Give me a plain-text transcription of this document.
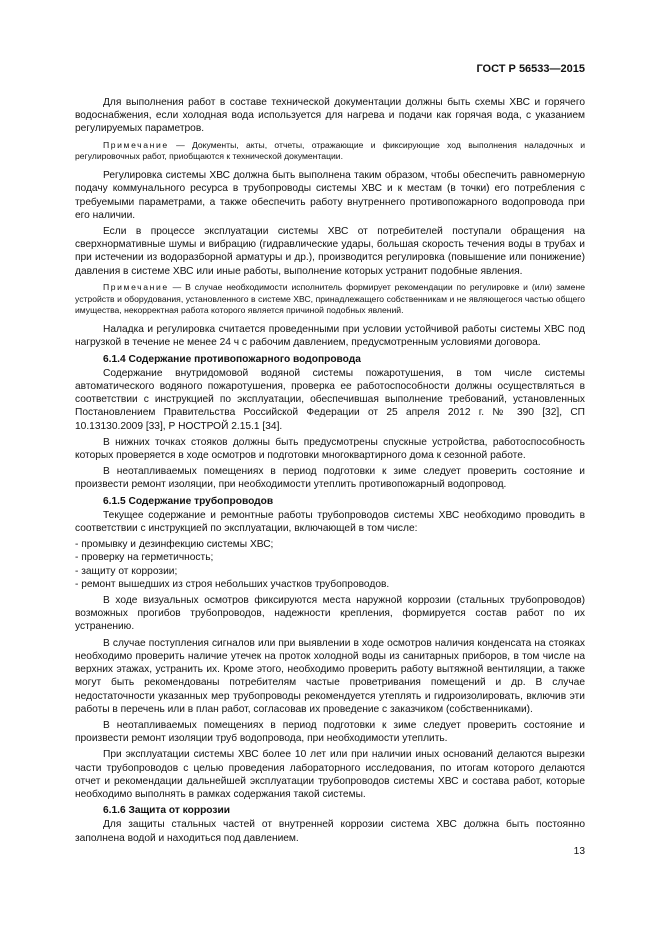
ГОСТ Р 56533—2015

Для выполнения работ в составе технической документации должны быть схемы ХВС и горячего водоснабжения, если холодная вода используется для нагрева и подачи как горячая вода, с указанием регулируемых параметров.

Примечание — Документы, акты, отчеты, отражающие и фиксирующие ход выполнения наладочных и регулировочных работ, приобщаются к технической документации.

Регулировка системы ХВС должна быть выполнена таким образом, чтобы обеспечить равномерную подачу коммунального ресурса в трубопроводы системы ХВС и к местам (в точки) его потребления с требуемыми параметрами, а также обеспечить работу внутреннего противопожарного водопровода при его наличии.

Если в процессе эксплуатации системы ХВС от потребителей поступали обращения на сверхнормативные шумы и вибрацию (гидравлические удары, большая скорость течения воды в трубах и при истечении из водоразборной арматуры и др.), производится регулировка (повышение или понижение) давления в системе ХВС или иные работы, выполнение которых устранит подобные явления.

Примечание — В случае необходимости исполнитель формирует рекомендации по регулировке и (или) замене устройств и оборудования, установленного в системе ХВС, принадлежащего собственникам и не являющегося частью общего имущества, некорректная работа которого является причиной подобных явлений.

Наладка и регулировка считается проведенными при условии устойчивой работы системы ХВС под нагрузкой в течение не менее 24 ч с рабочим давлением, предусмотренным условиями договора.

6.1.4 Содержание противопожарного водопровода

Содержание внутридомовой водяной системы пожаротушения, в том числе системы автоматического водяного пожаротушения, проверка ее работоспособности должны осуществляться в соответствии с инструкцией по эксплуатации, обеспечившая выполнение требований, установленных Постановлением Правительства Российской Федерации от 25 апреля 2012 г. № 390 [32], СП 10.13130.2009 [33], Р НОСТРОЙ 2.15.1 [34].

В нижних точках стояков должны быть предусмотрены спускные устройства, работоспособность которых проверяется в ходе осмотров и подготовки многоквартирного дома к сезонной работе.

В неотапливаемых помещениях в период подготовки к зиме следует проверить состояние и произвести ремонт изоляции, при необходимости утеплить противопожарный водопровод.

6.1.5 Содержание трубопроводов

Текущее содержание и ремонтные работы трубопроводов системы ХВС необходимо проводить в соответствии с инструкцией по эксплуатации, включающей в том числе:

- промывку и дезинфекцию системы ХВС;

- проверку на герметичность;

- защиту от коррозии;

- ремонт вышедших из строя небольших участков трубопроводов.

В ходе визуальных осмотров фиксируются места наружной коррозии (стальных трубопроводов) возможных прогибов трубопроводов, надежности крепления, формируется состав работ по их устранению.

В случае поступления сигналов или при выявлении в ходе осмотров наличия конденсата на стояках необходимо проверить наличие утечек на проток холодной воды из санитарных приборов, в том числе на верхних этажах, устранить их. Кроме этого, необходимо проверить работу вытяжной вентиляции, а также могут быть рекомендованы потребителям частые проветривания помещений и др. В случае недостаточности указанных мер трубопроводы рекомендуется утеплять и гидроизолировать, включив эти работы в перечень или в план работ, согласовав их проведение с заказчиком (собственниками).

В неотапливаемых помещениях в период подготовки к зиме следует проверить состояние и произвести ремонт изоляции труб водопровода, при необходимости утеплить.

При эксплуатации системы ХВС более 10 лет или при наличии иных оснований делаются вырезки части трубопроводов с целью проведения лабораторного исследования, по итогам которого делаются отчет и рекомендации дальнейшей эксплуатации трубопроводов системы ХВС и состава работ, которые необходимо выполнять в рамках содержания такой системы.

6.1.6 Защита от коррозии

Для защиты стальных частей от внутренней коррозии система ХВС должна быть постоянно заполнена водой и находиться под давлением.

13
